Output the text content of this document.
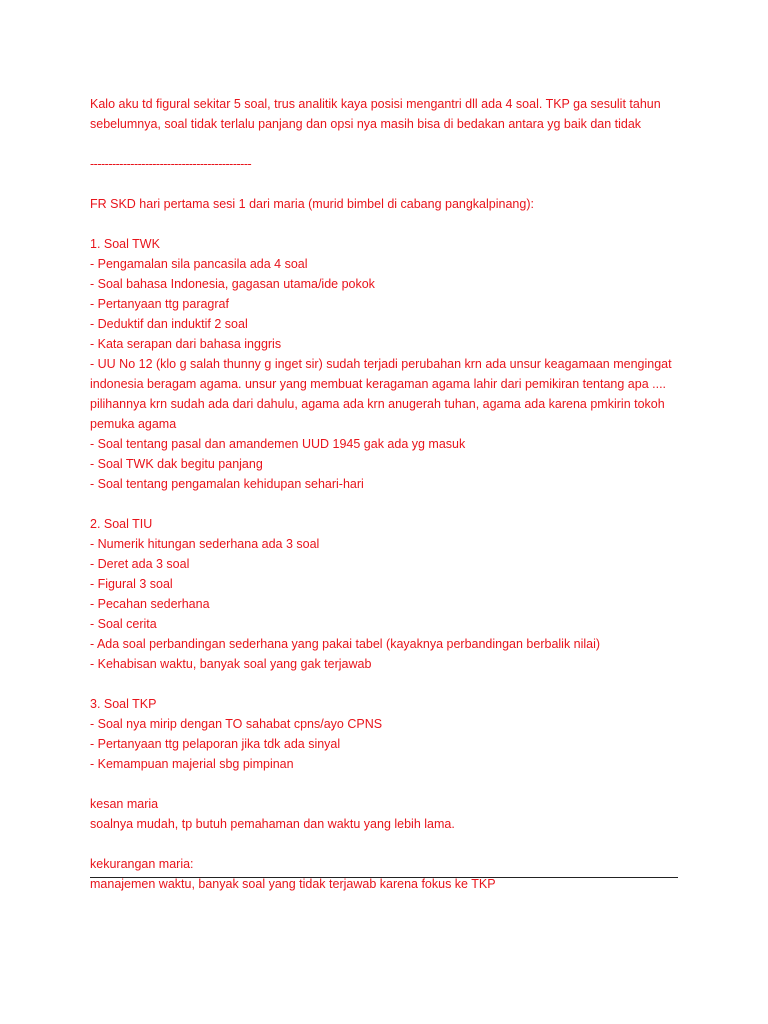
Kalo aku td figural sekitar 5 soal, trus analitik kaya posisi mengantri dll ada 4 soal. TKP ga sesulit tahun
sebelumnya, soal tidak terlalu panjang dan opsi nya masih bisa di bedakan antara yg baik dan tidak
--------------------------------------------
FR SKD hari pertama sesi 1 dari maria (murid bimbel di cabang pangkalpinang):
1. Soal TWK
- Pengamalan sila pancasila ada 4 soal
- Soal bahasa Indonesia, gagasan utama/ide pokok
- Pertanyaan ttg paragraf
- Deduktif dan induktif 2 soal
- Kata serapan dari bahasa inggris
- UU No 12 (klo g salah thunny g inget sir) sudah terjadi perubahan krn ada unsur keagamaan mengingat
indonesia beragam agama. unsur yang membuat keragaman agama lahir dari pemikiran tentang apa ....
pilihannya krn sudah ada dari dahulu, agama ada krn anugerah tuhan, agama ada karena pmkirin tokoh
pemuka agama
- Soal tentang pasal dan amandemen UUD 1945 gak ada yg masuk
- Soal TWK dak begitu panjang
- Soal tentang pengamalan kehidupan sehari-hari
2. Soal TIU
- Numerik hitungan sederhana ada 3 soal
- Deret ada 3 soal
- Figural 3 soal
- Pecahan sederhana
- Soal cerita
- Ada soal perbandingan sederhana yang pakai tabel (kayaknya perbandingan berbalik nilai)
- Kehabisan waktu, banyak soal yang gak terjawab
3. Soal TKP
- Soal nya mirip dengan TO sahabat cpns/ayo CPNS
- Pertanyaan ttg pelaporan jika tdk ada sinyal
- Kemampuan majerial sbg pimpinan
kesan maria
soalnya mudah, tp butuh pemahaman dan waktu yang lebih lama.
kekurangan maria:
manajemen waktu, banyak soal yang tidak terjawab karena fokus ke TKP
